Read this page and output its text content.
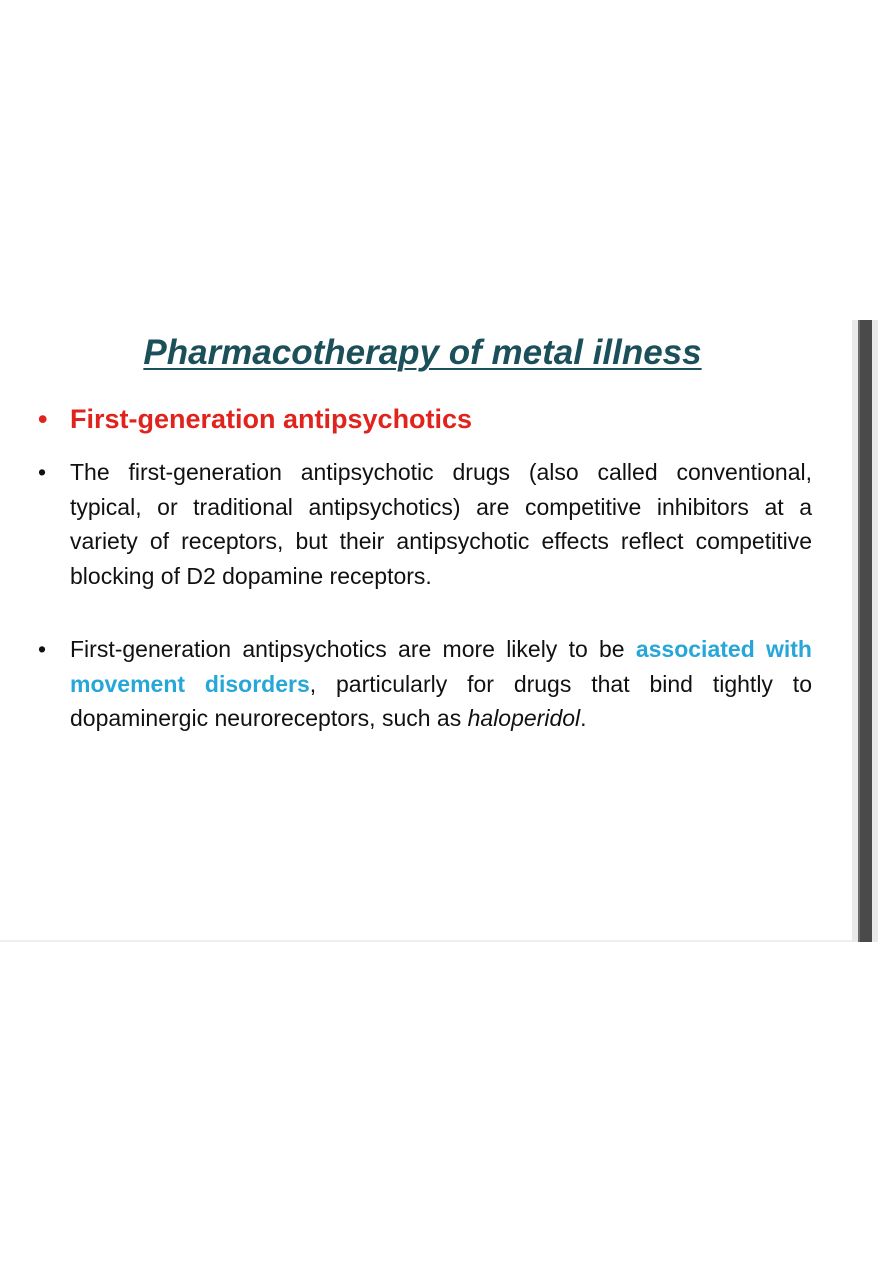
Pharmacotherapy of metal illness
• First-generation antipsychotics
• The first-generation antipsychotic drugs (also called conventional, typical, or traditional antipsychotics) are competitive inhibitors at a variety of receptors, but their antipsychotic effects reflect competitive blocking of D2 dopamine receptors.
• First-generation antipsychotics are more likely to be associated with movement disorders, particularly for drugs that bind tightly to dopaminergic neuroreceptors, such as haloperidol.
